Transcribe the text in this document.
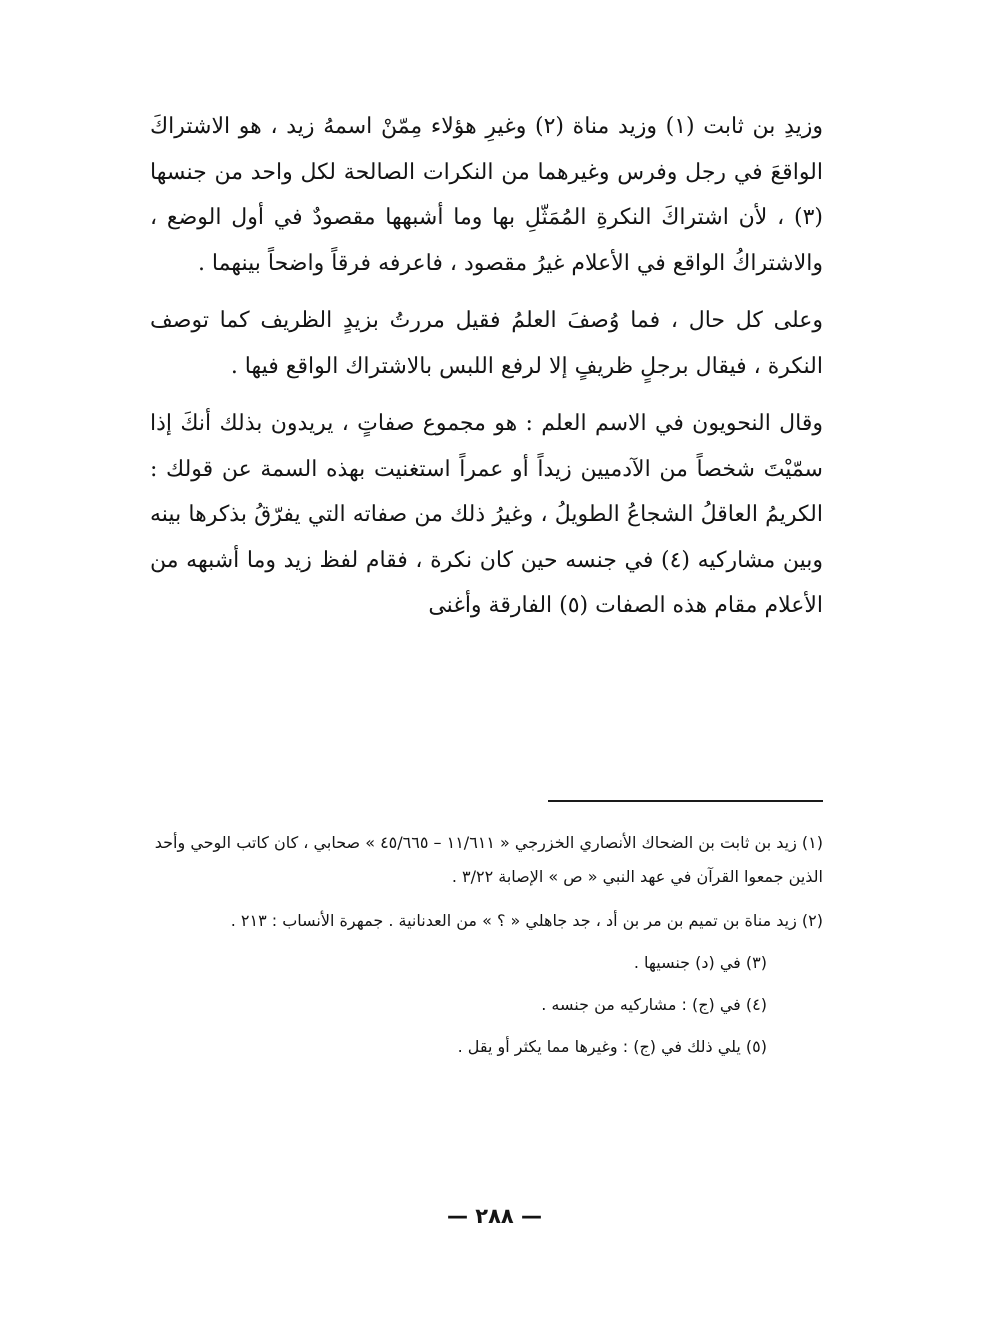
وزيدِ بن ثابت (١) وزيد مناة (٢) وغيرِ هؤلاء مِمّنْ اسمهُ زيد ، هو الاشتراكَ الواقعَ في رجل وفرس وغيرهما من النكرات الصالحة لكل واحد من جنسها (٣) ، لأن اشتراكَ النكرةِ المُمَثّلِ بها وما أشبهها مقصودٌ في أول الوضع ، والاشتراكُ الواقع في الأعلام غيرُ مقصود ، فاعرفه فرقاً واضحاً بينهما .

وعلى كل حال ، فما وُصفَ العلمُ فقيل مررتُ بزيدٍ الظريف كما توصف النكرة ، فيقال برجلٍ ظريفٍ إلا لرفع اللبس بالاشتراك الواقع فيها .

وقال النحويون في الاسم العلم : هو مجموع صفاتٍ ، يريدون بذلك أنكَ إذا سمّيْتَ شخصاً من الآدميين زيداً أو عمراً استغنيت بهذه السمة عن قولك : الكريمُ العاقلُ الشجاعُ الطويلُ ، وغيرُ ذلك من صفاته التي يفرّقُ بذكرها بينه وبين مشاركيه (٤) في جنسه حين كان نكرة ، فقام لفظ زيد وما أشبهه من الأعلام مقام هذه الصفات (٥) الفارقة وأغنى

(١) زيد بن ثابت بن الضحاك الأنصاري الخزرجي « ١١/٦١١ – ٤٥/٦٦٥ » صحابي ، كان كاتب الوحي وأحد الذين جمعوا القرآن في عهد النبي « ص » الإصابة ٣/٢٢ .

(٢) زيد مناة بن تميم بن مر بن أد ، جد جاهلي « ؟ » من العدنانية . جمهرة الأنساب : ٢١٣ .

(٣) في (د) جنسيها .

(٤) في (ج) : مشاركيه من جنسه .

(٥) يلي ذلك في (ج) : وغيرها مما يكثر أو يقل .

— ٢٨٨ —
